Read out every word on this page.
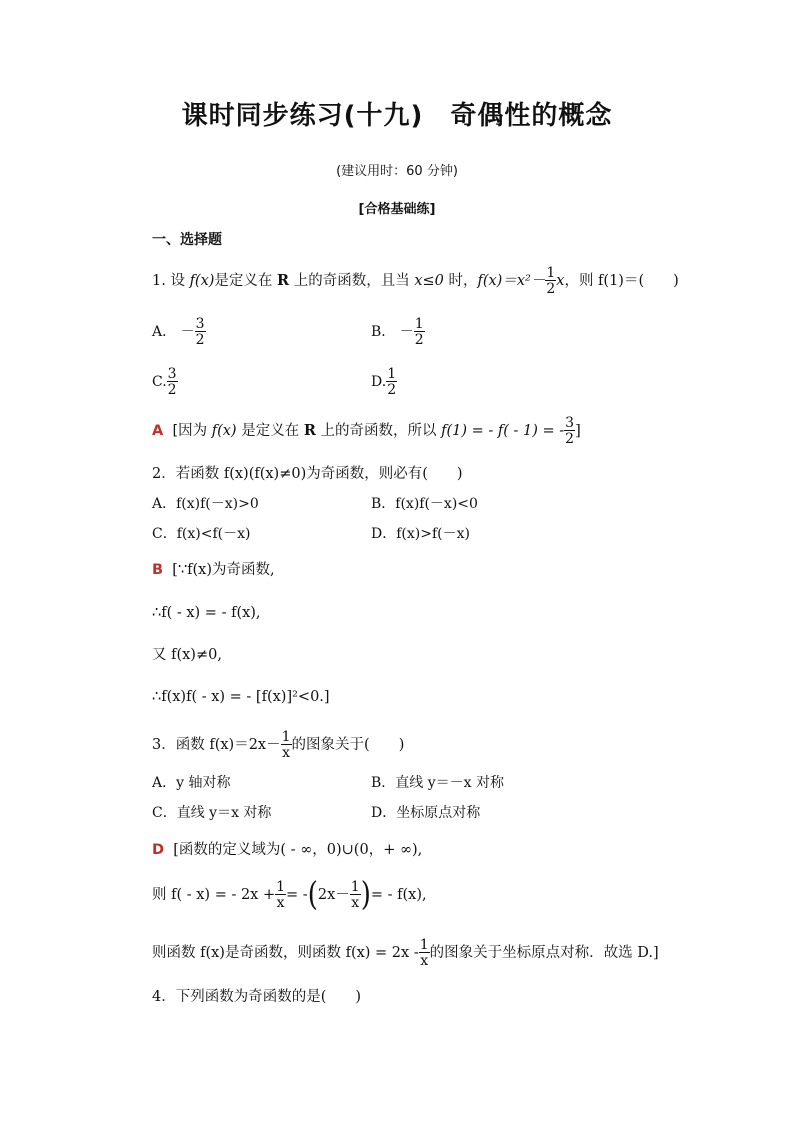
课时同步练习(十九)　奇偶性的概念
(建议用时：60 分钟)
[合格基础练]
一、选择题
1. 设 f(x)是定义在 R 上的奇函数，且当 x≤0 时，$f(x)=x^2- \frac{1}{2}$ x，则 f(1)＝(　　)
A． － $\frac{3}{2}$	B． － $\frac{1}{2}$
C. $\frac{3}{2}$	D. $\frac{1}{2}$
A [因为 f(x) 是定义在 R 上的奇函数，所以 f(1) = - f( - 1) = - $\frac{3}{2}$ ]
2．若函数 f(x)(f(x)≠0)为奇函数，则必有(　　)
A．f(x)f(－x)>0	B．f(x)f(－x)<0
C．f(x)<f(－x)	D．f(x)>f(－x)
B [∵f(x)为奇函数,
∴f( - x) = - f(x),
又 f(x)≠0,
∴f(x)f( - x) = - [f(x)]²<0.]
3．函数 $f(x)=2x- \frac{1}{x}$ 的图象关于(　　)
A．y 轴对称	B．直线 y＝－x 对称
C．直线 y＝x 对称	D．坐标原点对称
D [函数的定义域为( - ∞，0)∪(0，+ ∞),
则 f( - x) = - $2x + \frac{1}{x} = -(2x- \frac{1}{x}$ )= - f(x),
则函数 f(x)是奇函数，则函数 $f(x) = 2x - \frac{1}{x}$ 的图象关于坐标原点对称．故选 D.]
4．下列函数为奇函数的是(　　)
